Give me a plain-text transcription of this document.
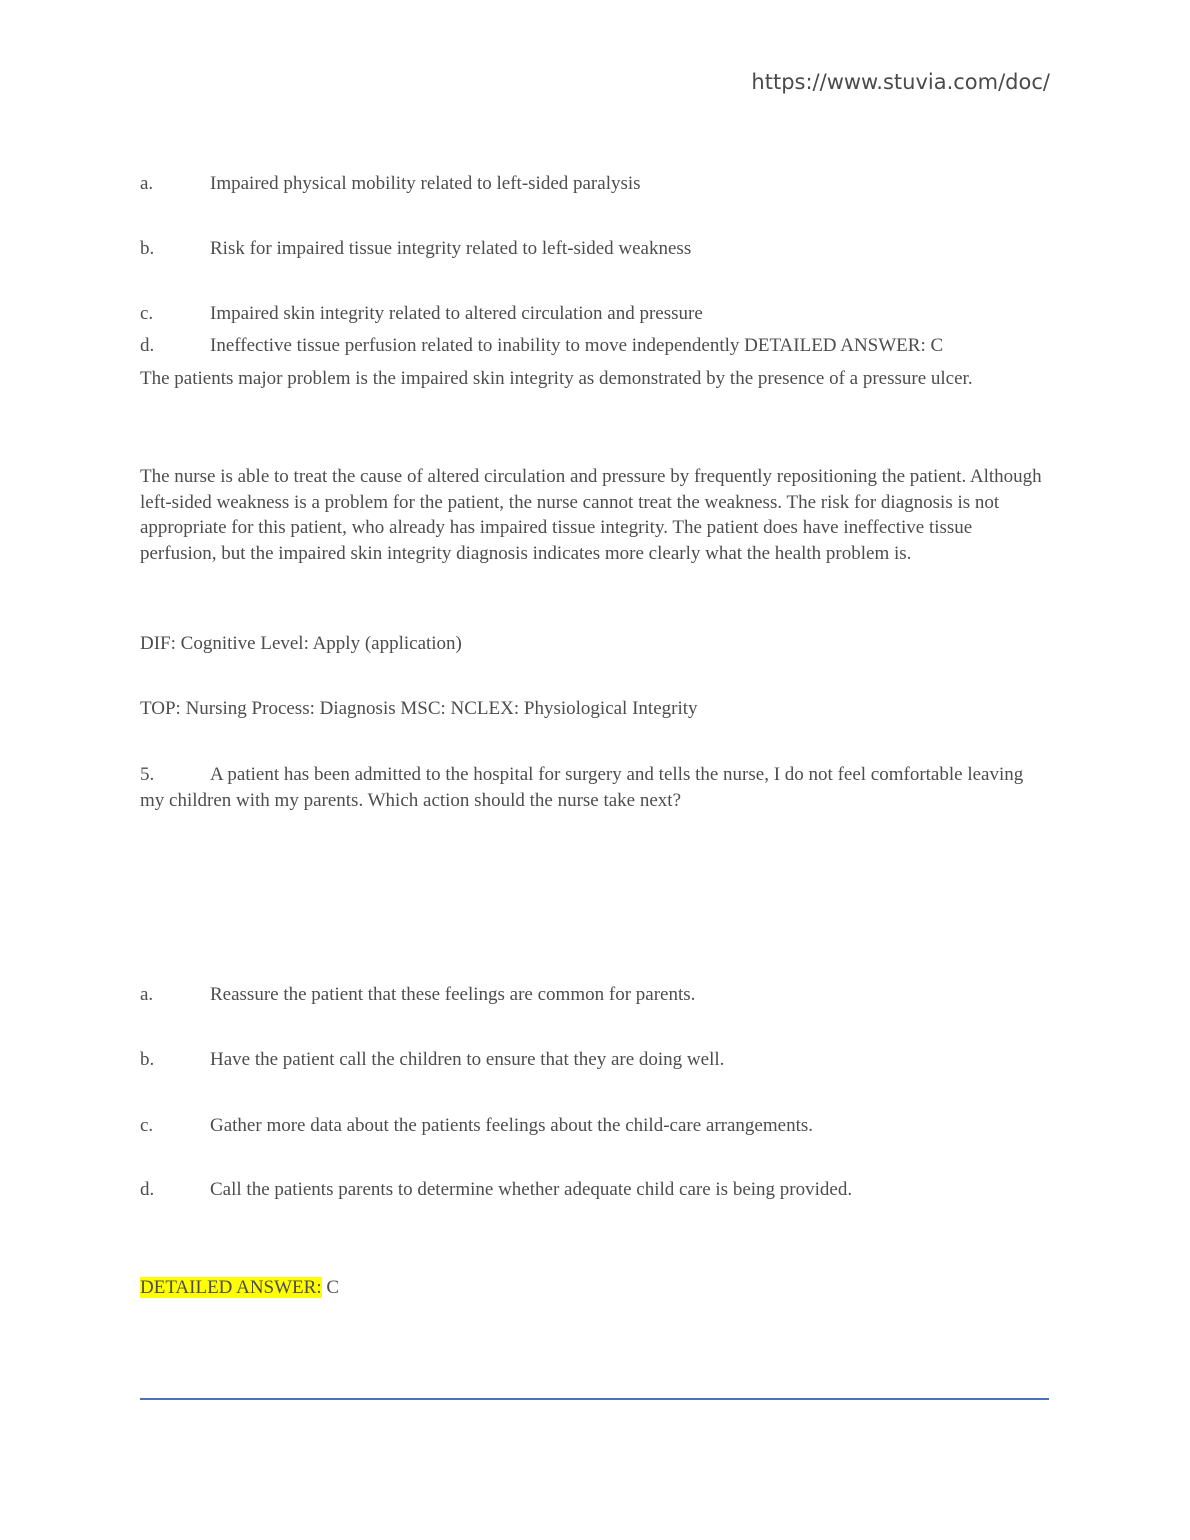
https://www.stuvia.com/doc/
a.	Impaired physical mobility related to left-sided paralysis
b.	Risk for impaired tissue integrity related to left-sided weakness
c.	Impaired skin integrity related to altered circulation and pressure
d.	Ineffective tissue perfusion related to inability to move independently DETAILED ANSWER: C
The patients major problem is the impaired skin integrity as demonstrated by the presence of a pressure ulcer.
The nurse is able to treat the cause of altered circulation and pressure by frequently repositioning the patient. Although left-sided weakness is a problem for the patient, the nurse cannot treat the weakness. The risk for diagnosis is not appropriate for this patient, who already has impaired tissue integrity. The patient does have ineffective tissue perfusion, but the impaired skin integrity diagnosis indicates more clearly what the health problem is.
DIF: Cognitive Level: Apply (application)
TOP: Nursing Process: Diagnosis MSC: NCLEX: Physiological Integrity
5.	A patient has been admitted to the hospital for surgery and tells the nurse, I do not feel comfortable leaving my children with my parents. Which action should the nurse take next?
a.	Reassure the patient that these feelings are common for parents.
b.	Have the patient call the children to ensure that they are doing well.
c.	Gather more data about the patients feelings about the child-care arrangements.
d.	Call the patients parents to determine whether adequate child care is being provided.
DETAILED ANSWER: C
